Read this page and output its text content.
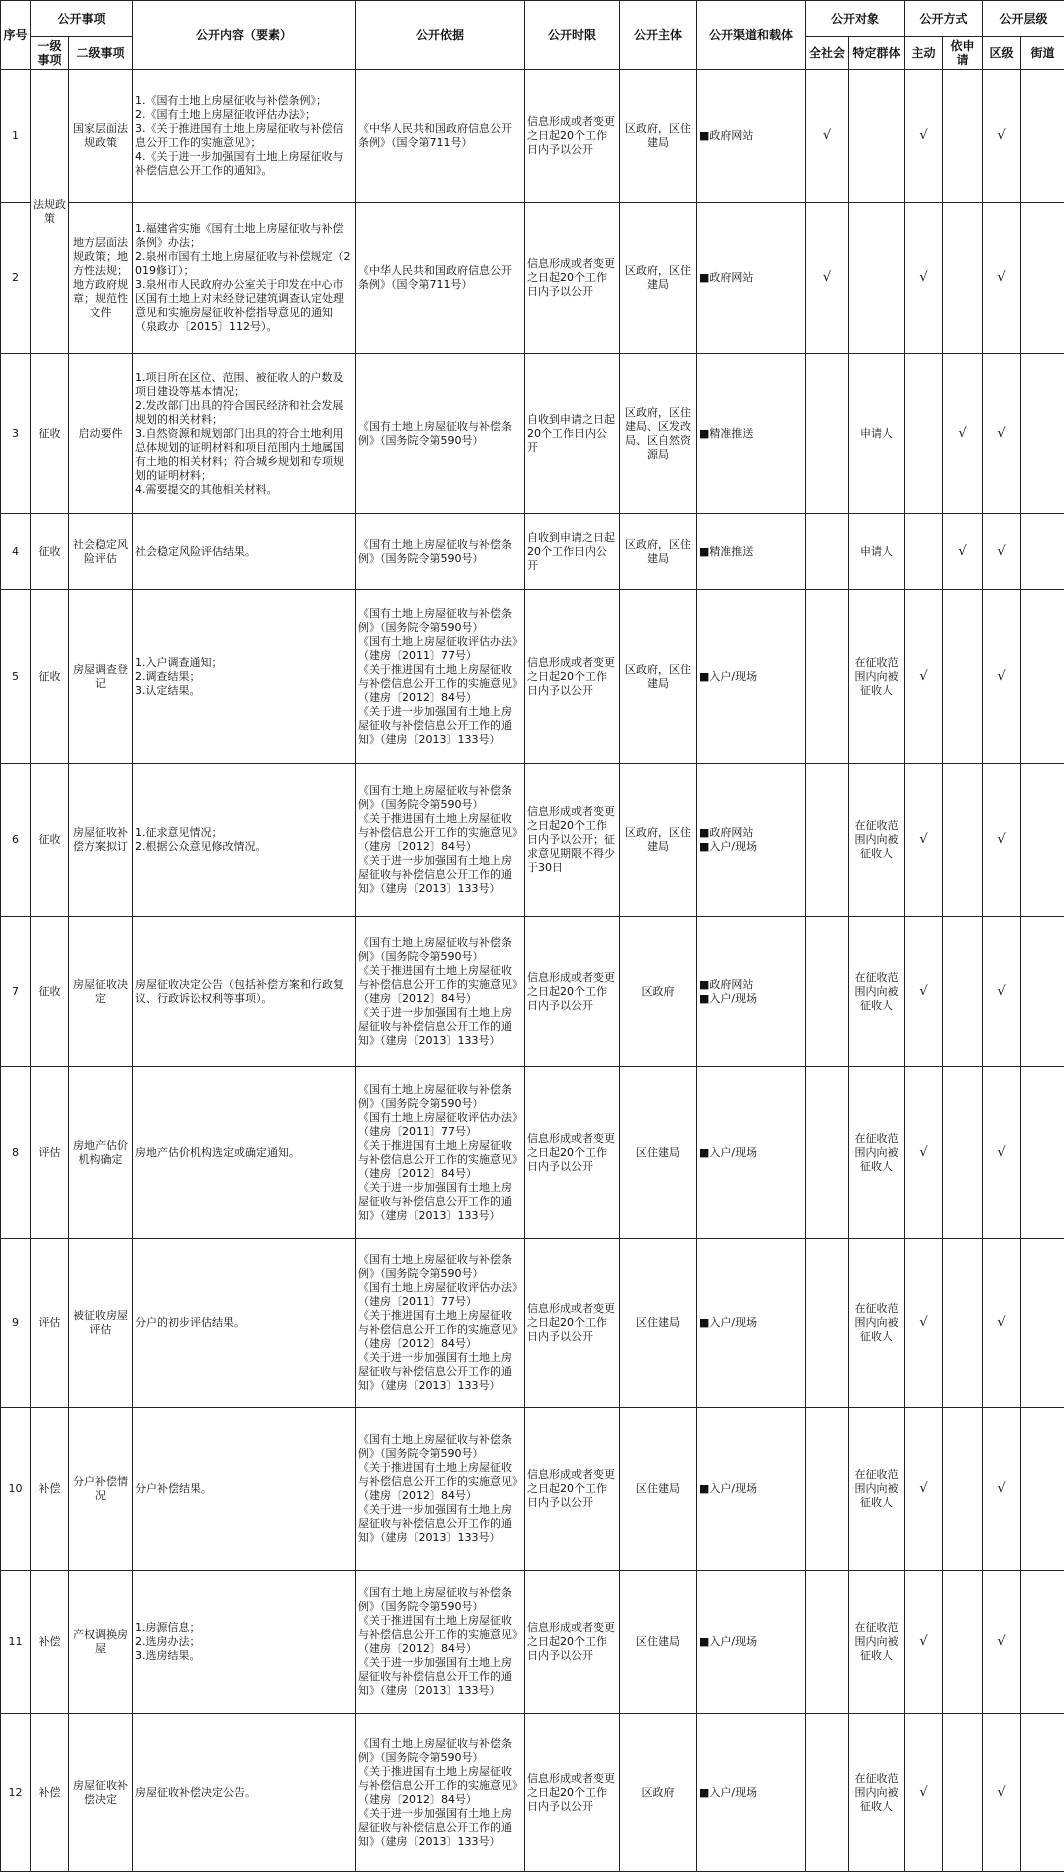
序号	公开事项		公开内容（要素）	公开依据	公开时限	公开主体	公开渠道和载体	公开对象		公开方式		公开层级	
	一级事项	二级事项						全社会	特定群体	主动	依申请	区级	街道
1	法规政策	国家层面法规政策	1.《国有土地上房屋征收与补偿条例》；
2.《国有土地上房屋征收评估办法》；
3.《关于推进国有土地上房屋征收与补偿信息公开工作的实施意见》；
4.《关于进一步加强国有土地上房屋征收与补偿信息公开工作的通知》。	《中华人民共和国政府信息公开条例》（国令第711号）	信息形成或者变更之日起20个工作日内予以公开	区政府，区住建局	■政府网站	√		√		√	
2		地方层面法规政策；地方性法规；地方政府规章；规范性文件	1.福建省实施《国有土地上房屋征收与补偿条例》办法；
2.泉州市国有土地上房屋征收与补偿规定（2019修订）；
3.泉州市人民政府办公室关于印发在中心市区国有土地上对未经登记建筑调查认定处理意见和实施房屋征收补偿指导意见的通知（泉政办〔2015〕112号）。	《中华人民共和国政府信息公开条例》（国令第711号）	信息形成或者变更之日起20个工作日内予以公开	区政府，区住建局	■政府网站	√		√		√	
3	征收	启动要件	1.项目所在区位、范围、被征收人的户数及项目建设等基本情况；
2.发改部门出具的符合国民经济和社会发展规划的相关材料；
3.自然资源和规划部门出具的符合土地利用总体规划的证明材料和项目范围内土地属国有土地的相关材料；符合城乡规划和专项规划的证明材料；
4.需要提交的其他相关材料。	《国有土地上房屋征收与补偿条例》（国务院令第590号）	自收到申请之日起20个工作日内公开	区政府，区住建局、区发改局、区自然资源局	■精准推送		申请人		√	√	
4	征收	社会稳定风险评估	社会稳定风险评估结果。	《国有土地上房屋征收与补偿条例》（国务院令第590号）	自收到申请之日起20个工作日内公开	区政府，区住建局	■精准推送		申请人		√	√	
5	征收	房屋调查登记	1.入户调查通知；
2.调查结果；
3.认定结果。	《国有土地上房屋征收与补偿条例》（国务院令第590号）
《国有土地上房屋征收评估办法》（建房〔2011〕77号）
《关于推进国有土地上房屋征收与补偿信息公开工作的实施意见》（建房〔2012〕84号）
《关于进一步加强国有土地上房屋征收与补偿信息公开工作的通知》（建房〔2013〕133号）	信息形成或者变更之日起20个工作日内予以公开	区政府，区住建局	■入户/现场		在征收范围内向被征收人	√		√	
6	征收	房屋征收补偿方案拟订	1.征求意见情况；
2.根据公众意见修改情况。	《国有土地上房屋征收与补偿条例》（国务院令第590号）
《关于推进国有土地上房屋征收与补偿信息公开工作的实施意见》（建房〔2012〕84号）
《关于进一步加强国有土地上房屋征收与补偿信息公开工作的通知》（建房〔2013〕133号）	信息形成或者变更之日起20个工作日内予以公开；征求意见期限不得少于30日	区政府，区住建局	■政府网站
■入户/现场		在征收范围内向被征收人	√		√	
7	征收	房屋征收决定	房屋征收决定公告（包括补偿方案和行政复议、行政诉讼权利等事项）。	《国有土地上房屋征收与补偿条例》（国务院令第590号）
《关于推进国有土地上房屋征收与补偿信息公开工作的实施意见》（建房〔2012〕84号）
《关于进一步加强国有土地上房屋征收与补偿信息公开工作的通知》（建房〔2013〕133号）	信息形成或者变更之日起20个工作日内予以公开	区政府	■政府网站
■入户/现场		在征收范围内向被征收人	√		√	
8	评估	房地产估价机构确定	房地产估价机构选定或确定通知。	《国有土地上房屋征收与补偿条例》（国务院令第590号）
《国有土地上房屋征收评估办法》（建房〔2011〕77号）
《关于推进国有土地上房屋征收与补偿信息公开工作的实施意见》（建房〔2012〕84号）
《关于进一步加强国有土地上房屋征收与补偿信息公开工作的通知》（建房〔2013〕133号）	信息形成或者变更之日起20个工作日内予以公开	区住建局	■入户/现场		在征收范围内向被征收人	√		√	
9	评估	被征收房屋评估	分户的初步评估结果。	《国有土地上房屋征收与补偿条例》（国务院令第590号）
《国有土地上房屋征收评估办法》（建房〔2011〕77号）
《关于推进国有土地上房屋征收与补偿信息公开工作的实施意见》（建房〔2012〕84号）
《关于进一步加强国有土地上房屋征收与补偿信息公开工作的通知》（建房〔2013〕133号）	信息形成或者变更之日起20个工作日内予以公开	区住建局	■入户/现场		在征收范围内向被征收人	√		√	
10	补偿	分户补偿情况	分户补偿结果。	《国有土地上房屋征收与补偿条例》（国务院令第590号）
《关于推进国有土地上房屋征收与补偿信息公开工作的实施意见》（建房〔2012〕84号）
《关于进一步加强国有土地上房屋征收与补偿信息公开工作的通知》（建房〔2013〕133号）	信息形成或者变更之日起20个工作日内予以公开	区住建局	■入户/现场		在征收范围内向被征收人	√		√	
11	补偿	产权调换房屋	1.房源信息；
2.选房办法；
3.选房结果。	《国有土地上房屋征收与补偿条例》（国务院令第590号）
《关于推进国有土地上房屋征收与补偿信息公开工作的实施意见》（建房〔2012〕84号）
《关于进一步加强国有土地上房屋征收与补偿信息公开工作的通知》（建房〔2013〕133号）	信息形成或者变更之日起20个工作日内予以公开	区住建局	■入户/现场		在征收范围内向被征收人	√		√	
12	补偿	房屋征收补偿决定	房屋征收补偿决定公告。	《国有土地上房屋征收与补偿条例》（国务院令第590号）
《关于推进国有土地上房屋征收与补偿信息公开工作的实施意见》（建房〔2012〕84号）
《关于进一步加强国有土地上房屋征收与补偿信息公开工作的通知》（建房〔2013〕133号）	信息形成或者变更之日起20个工作日内予以公开	区政府	■入户/现场		在征收范围内向被征收人	√		√	
